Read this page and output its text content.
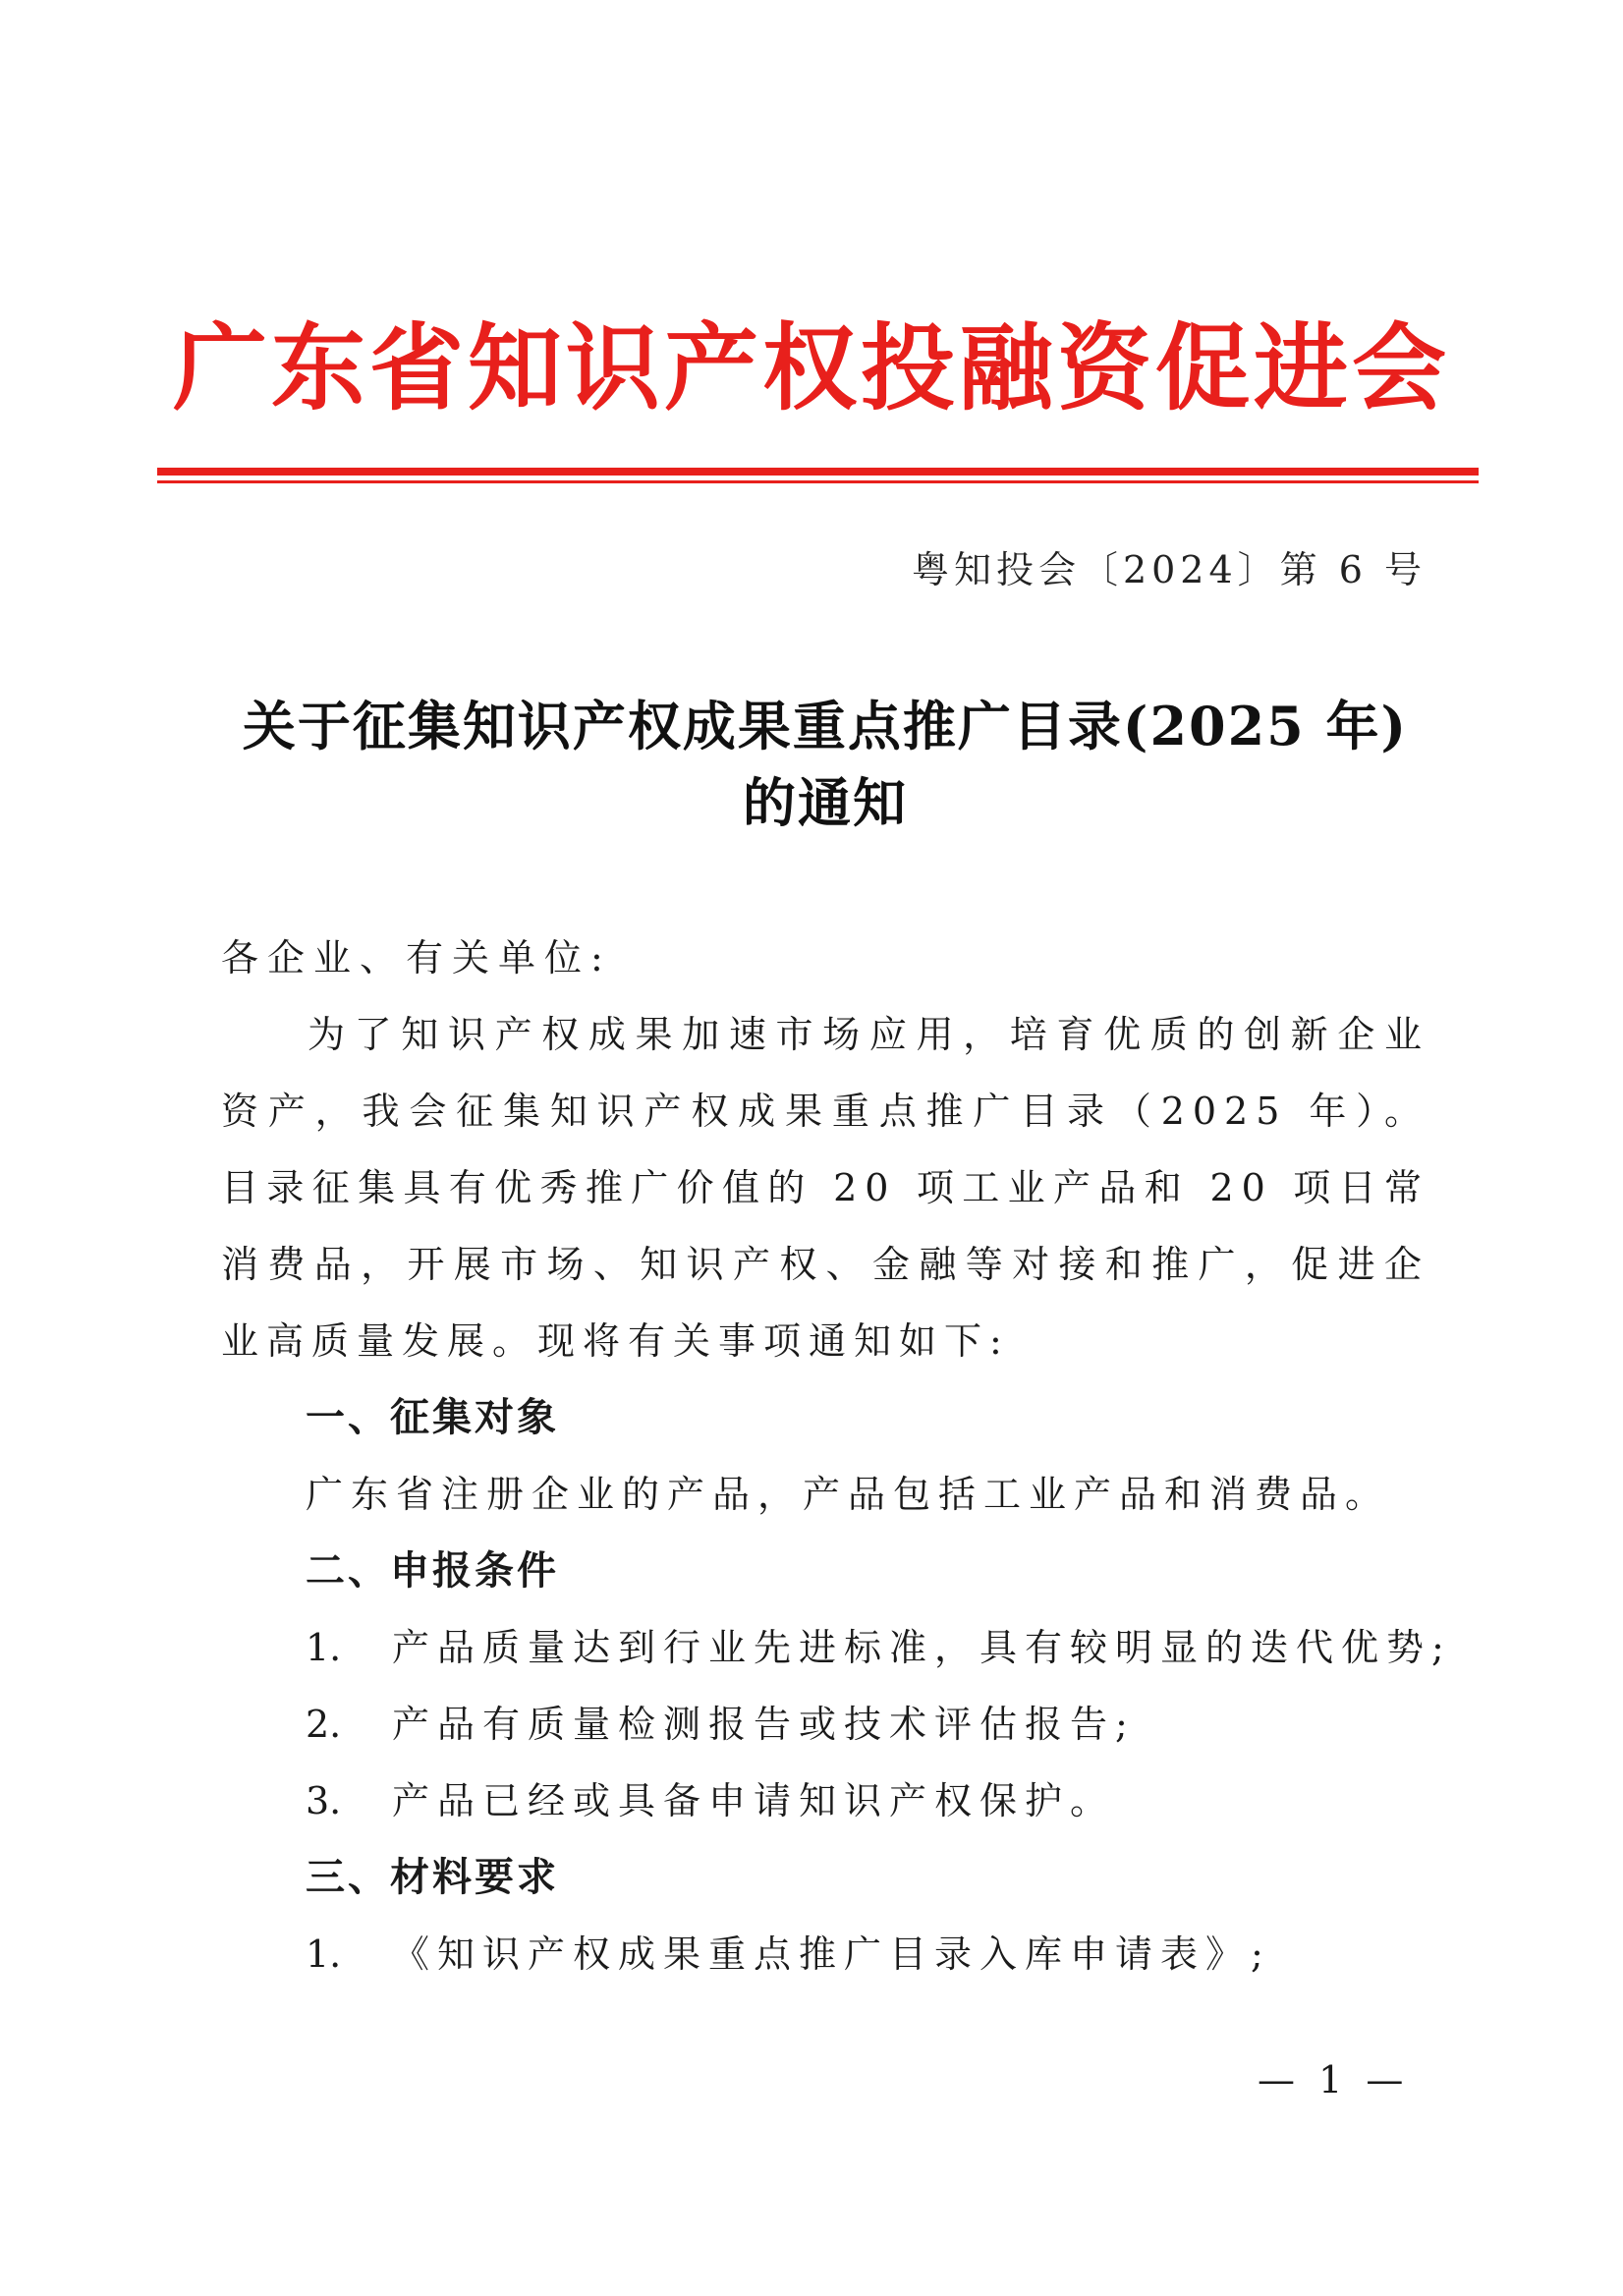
广东省知识产权投融资促进会
粤知投会〔2024〕第 6 号
关于征集知识产权成果重点推广目录(2025 年)
的通知
各企业、有关单位:
为了知识产权成果加速市场应用，培育优质的创新企业资产，我会征集知识产权成果重点推广目录（2025 年）。目录征集具有优秀推广价值的 20 项工业产品和 20 项日常消费品，开展市场、知识产权、金融等对接和推广，促进企业高质量发展。现将有关事项通知如下:
一、征集对象
广东省注册企业的产品，产品包括工业产品和消费品。
二、申报条件
1. 产品质量达到行业先进标准，具有较明显的迭代优势;
2. 产品有质量检测报告或技术评估报告;
3. 产品已经或具备申请知识产权保护。
三、材料要求
1. 《知识产权成果重点推广目录入库申请表》;
— 1 —
